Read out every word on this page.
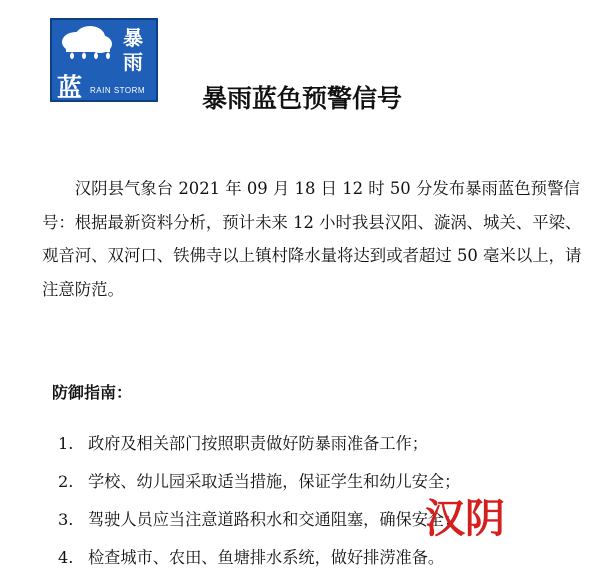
暴
雨
蓝 RAIN STORM 暴雨蓝色预警信号

汉阴县气象台 2021 年 09 月 18 日 12 时 50 分发布暴雨蓝色预警信号：根据最新资料分析，预计未来 12 小时我县汉阳、漩涡、城关、平梁、观音河、双河口、铁佛寺以上镇村降水量将达到或者超过 50 毫米以上，请注意防范。

防御指南：
1. 政府及相关部门按照职责做好防暴雨准备工作；
2. 学校、幼儿园采取适当措施，保证学生和幼儿安全；
3. 驾驶人员应当注意道路积水和交通阻塞，确保安全；
4. 检查城市、农田、鱼塘排水系统，做好排涝准备。
汉阴
